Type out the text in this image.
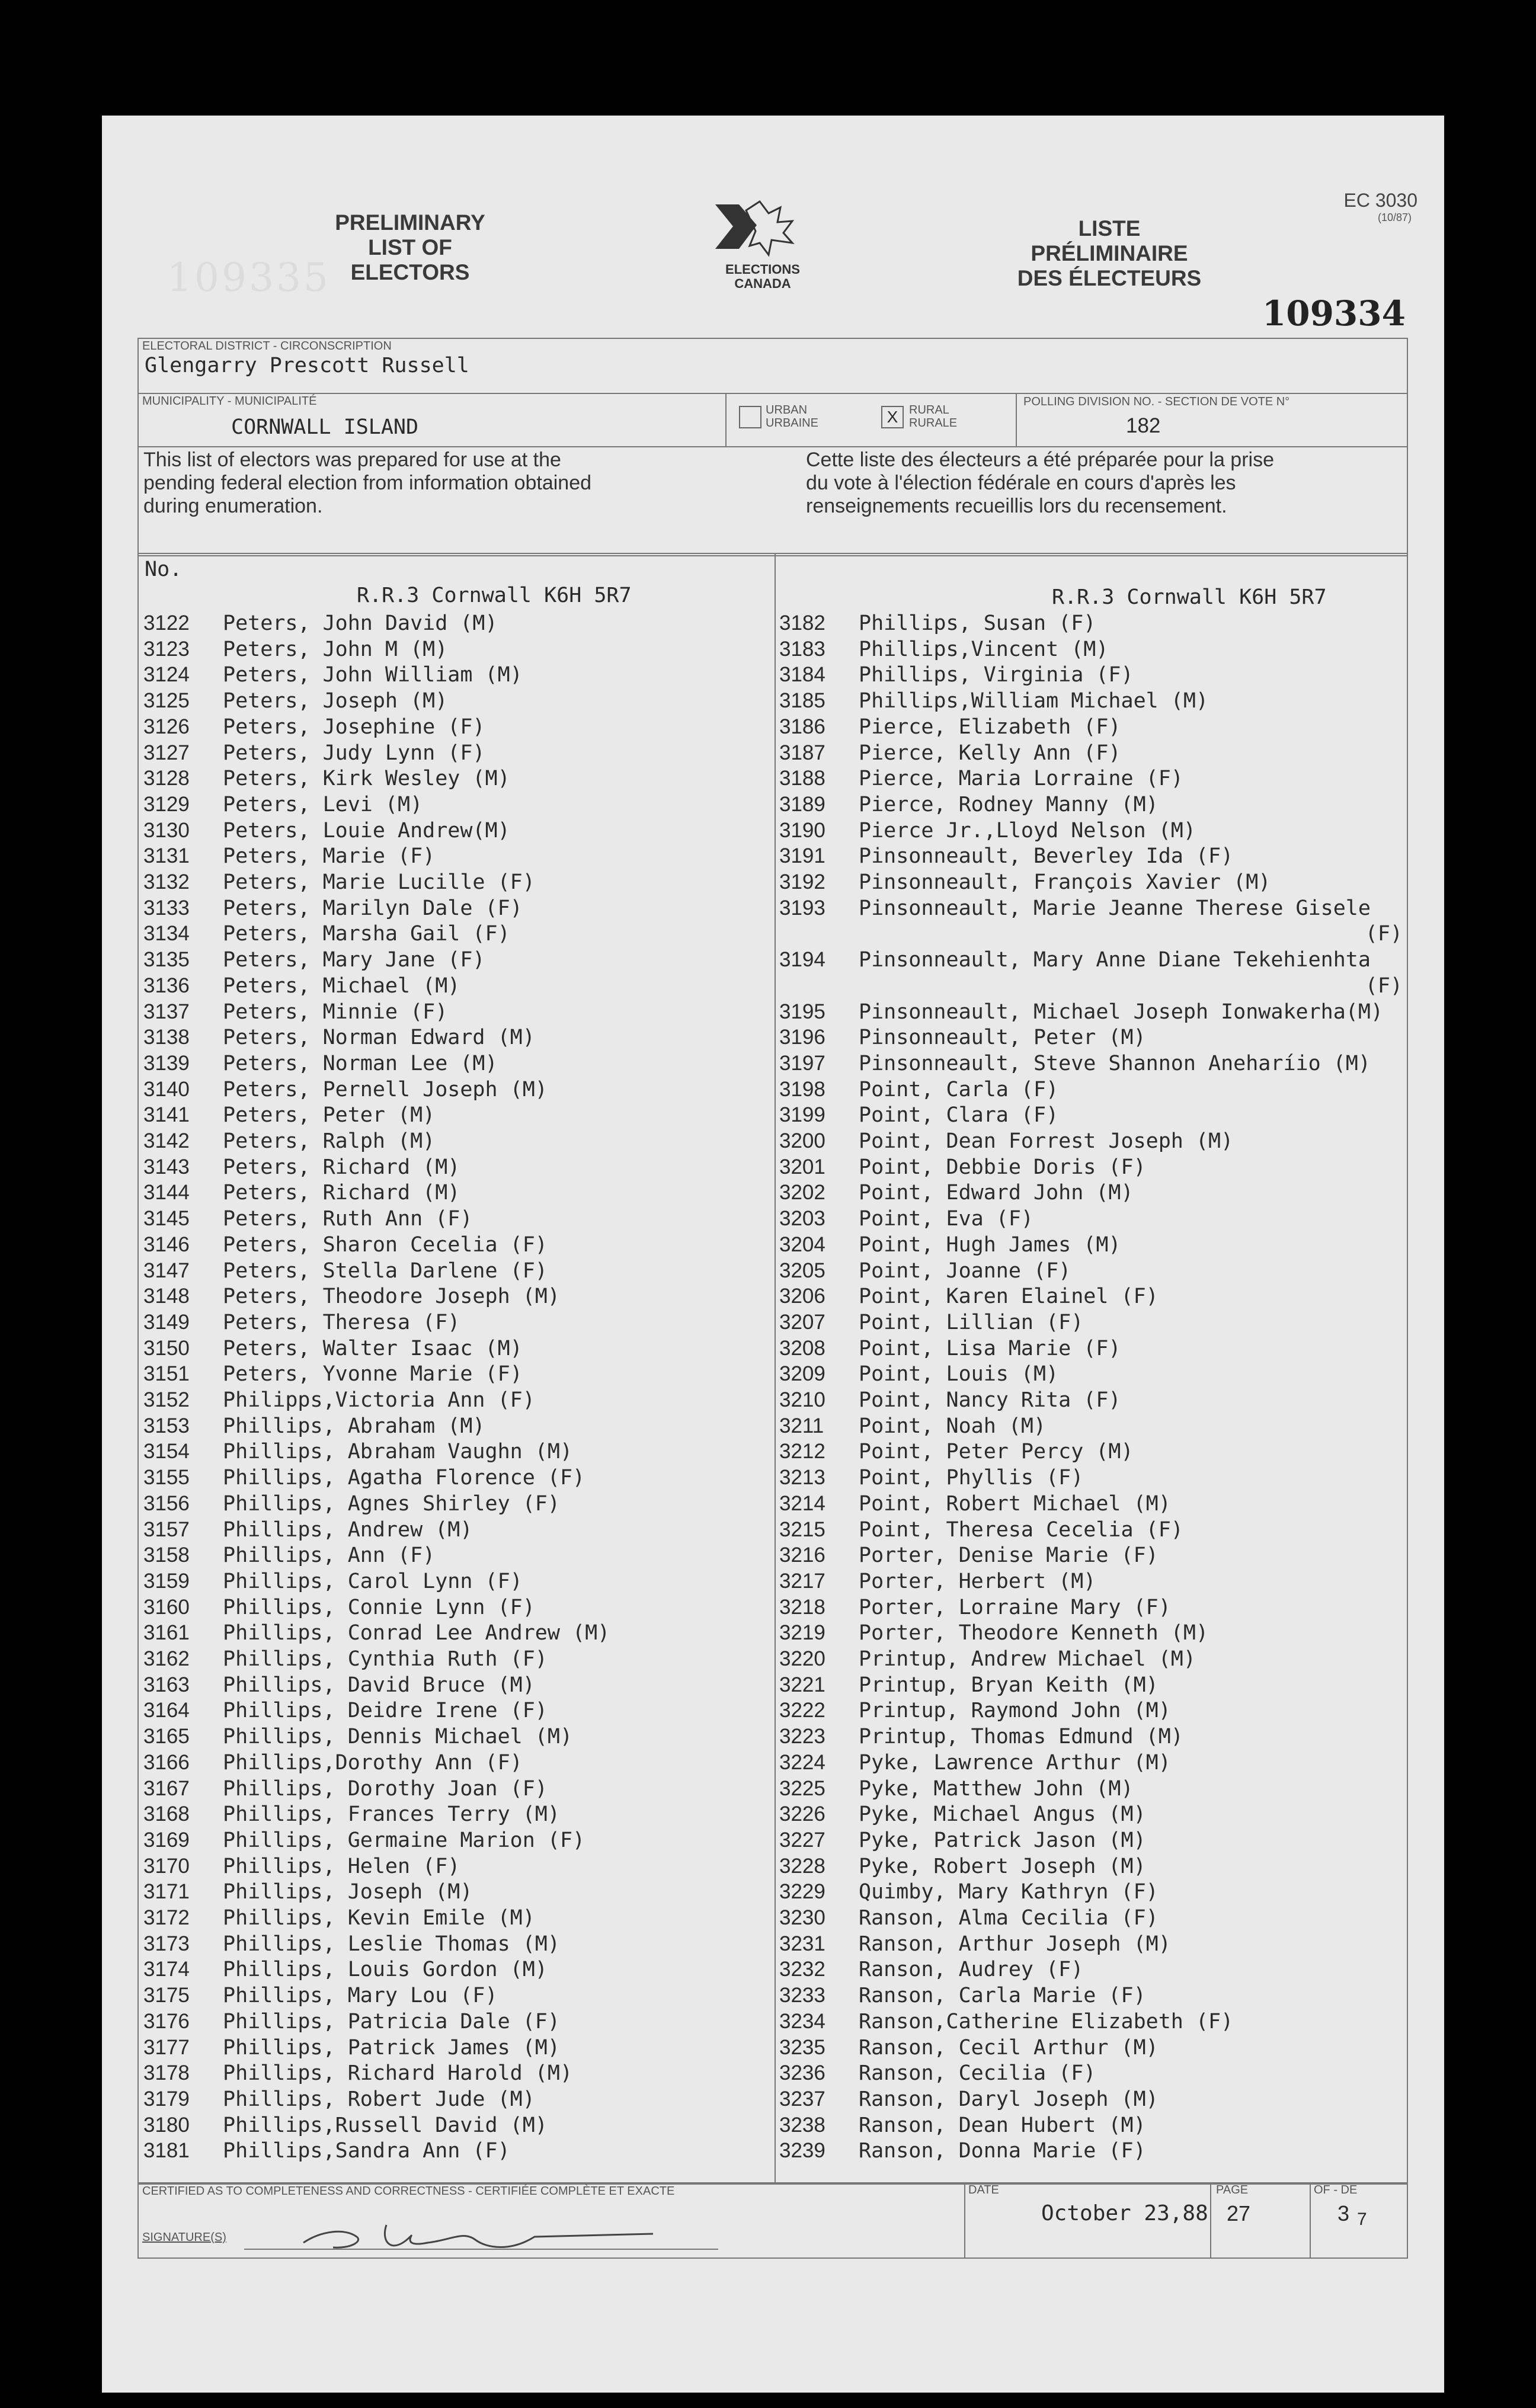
PRELIMINARY
LIST OF
ELECTORS	ELECTIONS
CANADA
LISTE
PRÉLIMINAIRE
DES ÉLECTEURS
EC 3030
(10/87)
109334
109335
ELECTORAL DISTRICT - CIRCONSCRIPTION
Glengarry Prescott Russell
MUNICIPALITY - MUNICIPALITÉ
CORNWALL ISLAND
URBAN
URBAINE	X RURAL
RURALE
POLLING DIVISION NO. - SECTION DE VOTE N°
182
This list of electors was prepared for use at the
pending federal election from information obtained
during enumeration.
Cette liste des électeurs a été préparée pour la prise
du vote à l'élection fédérale en cours d'après les
renseignements recueillis lors du recensement.
No.
R.R.3 Cornwall K6H 5R7	R.R.3 Cornwall K6H 5R7
3122 Peters, John David (M)
3123 Peters, John M (M)
3124 Peters, John William (M)
3125 Peters, Joseph (M)
3126 Peters, Josephine (F)
3127 Peters, Judy Lynn (F)
3128 Peters, Kirk Wesley (M)
3129 Peters, Levi (M)
3130 Peters, Louie Andrew(M)
3131 Peters, Marie (F)
3132 Peters, Marie Lucille (F)
3133 Peters, Marilyn Dale (F)
3134 Peters, Marsha Gail (F)
3135 Peters, Mary Jane (F)
3136 Peters, Michael (M)
3137 Peters, Minnie (F)
3138 Peters, Norman Edward (M)
3139 Peters, Norman Lee (M)
3140 Peters, Pernell Joseph (M)
3141 Peters, Peter (M)
3142 Peters, Ralph (M)
3143 Peters, Richard (M)
3144 Peters, Richard (M)
3145 Peters, Ruth Ann (F)
3146 Peters, Sharon Cecelia (F)
3147 Peters, Stella Darlene (F)
3148 Peters, Theodore Joseph (M)
3149 Peters, Theresa (F)
3150 Peters, Walter Isaac (M)
3151 Peters, Yvonne Marie (F)
3152 Philipps,Victoria Ann (F)
3153 Phillips, Abraham (M)
3154 Phillips, Abraham Vaughn (M)
3155 Phillips, Agatha Florence (F)
3156 Phillips, Agnes Shirley (F)
3157 Phillips, Andrew (M)
3158 Phillips, Ann (F)
3159 Phillips, Carol Lynn (F)
3160 Phillips, Connie Lynn (F)
3161 Phillips, Conrad Lee Andrew (M)
3162 Phillips, Cynthia Ruth (F)
3163 Phillips, David Bruce (M)
3164 Phillips, Deidre Irene (F)
3165 Phillips, Dennis Michael (M)
3166 Phillips,Dorothy Ann (F)
3167 Phillips, Dorothy Joan (F)
3168 Phillips, Frances Terry (M)
3169 Phillips, Germaine Marion (F)
3170 Phillips, Helen (F)
3171 Phillips, Joseph (M)
3172 Phillips, Kevin Emile (M)
3173 Phillips, Leslie Thomas (M)
3174 Phillips, Louis Gordon (M)
3175 Phillips, Mary Lou (F)
3176 Phillips, Patricia Dale (F)
3177 Phillips, Patrick James (M)
3178 Phillips, Richard Harold (M)
3179 Phillips, Robert Jude (M)
3180 Phillips,Russell David (M)
3181 Phillips,Sandra Ann (F)
3182 Phillips, Susan (F)
3183 Phillips,Vincent (M)
3184 Phillips, Virginia (F)
3185 Phillips,William Michael (M)
3186 Pierce, Elizabeth (F)
3187 Pierce, Kelly Ann (F)
3188 Pierce, Maria Lorraine (F)
3189 Pierce, Rodney Manny (M)
3190 Pierce Jr.,Lloyd Nelson (M)
3191 Pinsonneault, Beverley Ida (F)
3192 Pinsonneault, François Xavier (M)
3193 Pinsonneault, Marie Jeanne Therese Gisele
(F)
3194 Pinsonneault, Mary Anne Diane Tekehienhta
(F)
3195 Pinsonneault, Michael Joseph Ionwakerha(M)
3196 Pinsonneault, Peter (M)
3197 Pinsonneault, Steve Shannon Aneharíio (M)
3198 Point, Carla (F)
3199 Point, Clara (F)
3200 Point, Dean Forrest Joseph (M)
3201 Point, Debbie Doris (F)
3202 Point, Edward John (M)
3203 Point, Eva (F)
3204 Point, Hugh James (M)
3205 Point, Joanne (F)
3206 Point, Karen Elainel (F)
3207 Point, Lillian (F)
3208 Point, Lisa Marie (F)
3209 Point, Louis (M)
3210 Point, Nancy Rita (F)
3211 Point, Noah (M)
3212 Point, Peter Percy (M)
3213 Point, Phyllis (F)
3214 Point, Robert Michael (M)
3215 Point, Theresa Cecelia (F)
3216 Porter, Denise Marie (F)
3217 Porter, Herbert (M)
3218 Porter, Lorraine Mary (F)
3219 Porter, Theodore Kenneth (M)
3220 Printup, Andrew Michael (M)
3221 Printup, Bryan Keith (M)
3222 Printup, Raymond John (M)
3223 Printup, Thomas Edmund (M)
3224 Pyke, Lawrence Arthur (M)
3225 Pyke, Matthew John (M)
3226 Pyke, Michael Angus (M)
3227 Pyke, Patrick Jason (M)
3228 Pyke, Robert Joseph (M)
3229 Quimby, Mary Kathryn (F)
3230 Ranson, Alma Cecilia (F)
3231 Ranson, Arthur Joseph (M)
3232 Ranson, Audrey (F)
3233 Ranson, Carla Marie (F)
3234 Ranson,Catherine Elizabeth (F)
3235 Ranson, Cecil Arthur (M)
3236 Ranson, Cecilia (F)
3237 Ranson, Daryl Joseph (M)
3238 Ranson, Dean Hubert (M)
3239 Ranson, Donna Marie (F)
CERTIFIED AS TO COMPLETENESS AND CORRECTNESS - CERTIFIÉE COMPLÈTE ET EXACTE
SIGNATURE(S)
DATE
October 23,88
PAGE
27
OF - DE
3 7
